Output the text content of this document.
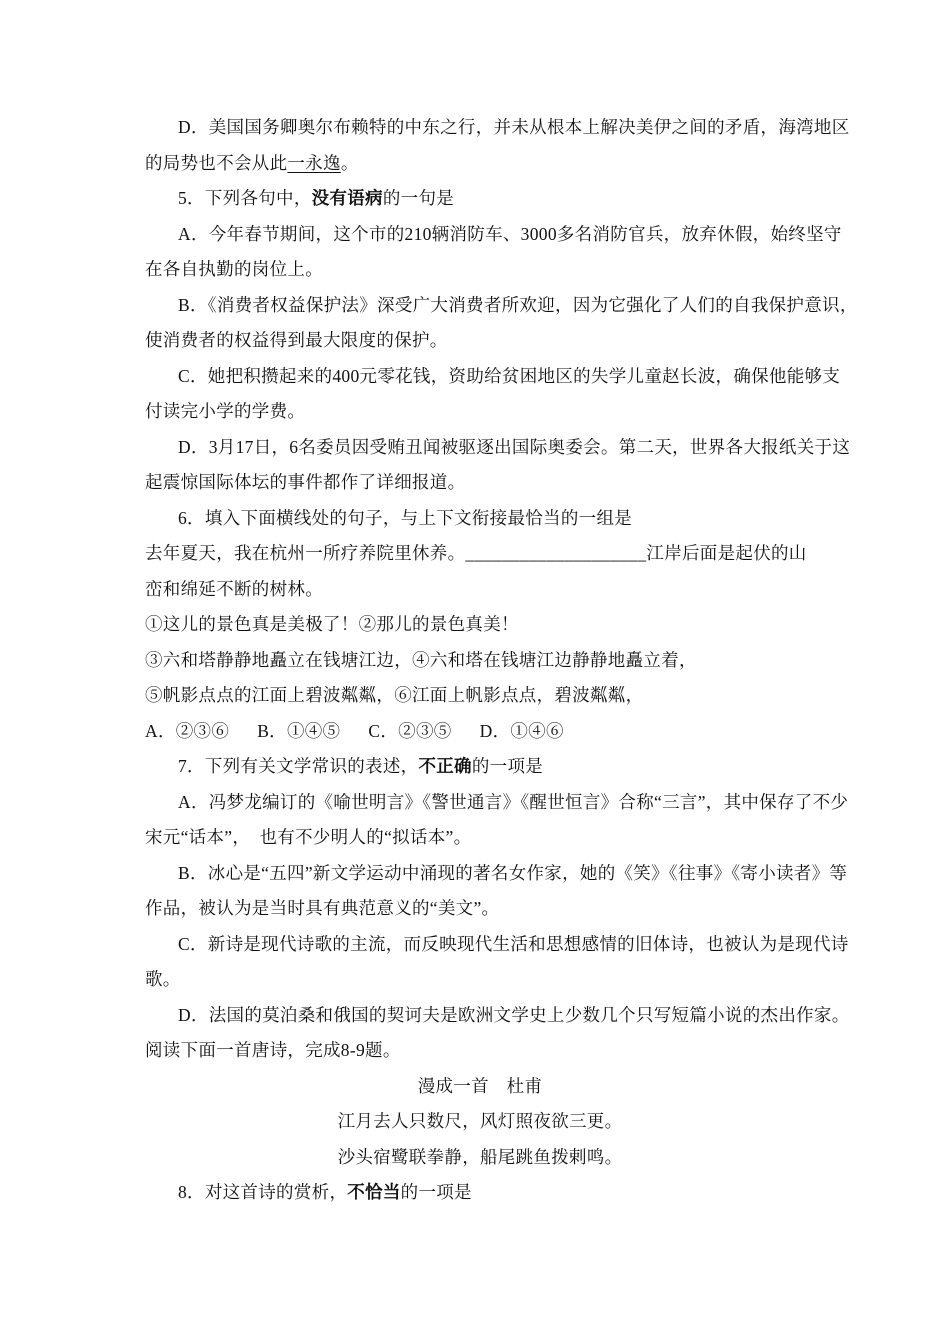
D．美国国务卿奥尔布赖特的中东之行，并未从根本上解决美伊之间的矛盾，海湾地区
的局势也不会从此一永逸。
5．下列各句中，没有语病的一句是
A．今年春节期间，这个市的210辆消防车、3000多名消防官兵，放弃休假，始终坚守
在各自执勤的岗位上。
B．《消费者权益保护法》深受广大消费者所欢迎，因为它强化了人们的自我保护意识，
使消费者的权益得到最大限度的保护。
C．她把积攒起来的400元零花钱，资助给贫困地区的失学儿童赵长波，确保他能够支
付读完小学的学费。
D．3月17日，6名委员因受贿丑闻被驱逐出国际奥委会。第二天，世界各大报纸关于这
起震惊国际体坛的事件都作了详细报道。
6．填入下面横线处的句子，与上下文衔接最恰当的一组是
去年夏天，我在杭州一所疗养院里休养。____________________江岸后面是起伏的山
峦和绵延不断的树林。
①这儿的景色真是美极了！②那儿的景色真美！
③六和塔静静地矗立在钱塘江边，④六和塔在钱塘江边静静地矗立着，
⑤帆影点点的江面上碧波粼粼，⑥江面上帆影点点，碧波粼粼，
A．②③⑥      B．①④⑤      C．②③⑤      D．①④⑥
7．下列有关文学常识的表述，不正确的一项是
A．冯梦龙编订的《喻世明言》《警世通言》《醒世恒言》合称“三言”，其中保存了不少
宋元“话本”，  也有不少明人的“拟话本”。
B．冰心是“五四”新文学运动中涌现的著名女作家，她的《笑》《往事》《寄小读者》等
作品，被认为是当时具有典范意义的“美文”。
C．新诗是现代诗歌的主流，而反映现代生活和思想感情的旧体诗，也被认为是现代诗
歌。
D．法国的莫泊桑和俄国的契诃夫是欧洲文学史上少数几个只写短篇小说的杰出作家。
阅读下面一首唐诗，完成8-9题。
漫成一首　杜甫
江月去人只数尺，风灯照夜欲三更。
沙头宿鹭联拳静，船尾跳鱼拨剌鸣。
8．对这首诗的赏析，不恰当的一项是
